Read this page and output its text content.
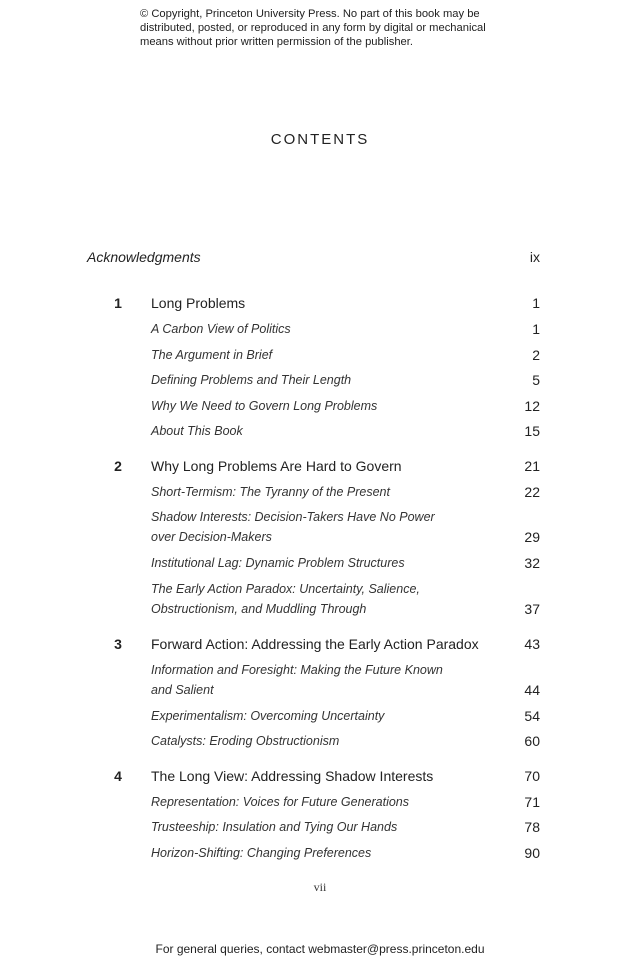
© Copyright, Princeton University Press. No part of this book may be
distributed, posted, or reproduced in any form by digital or mechanical
means without prior written permission of the publisher.
CONTENTS
Acknowledgments	ix
1 Long Problems	1
A Carbon View of Politics	1
The Argument in Brief	2
Defining Problems and Their Length	5
Why We Need to Govern Long Problems	12
About This Book	15
2 Why Long Problems Are Hard to Govern	21
Short-Termism: The Tyranny of the Present	22
Shadow Interests: Decision-Takers Have No Power
over Decision-Makers	29
Institutional Lag: Dynamic Problem Structures	32
The Early Action Paradox: Uncertainty, Salience,
Obstructionism, and Muddling Through	37
3 Forward Action: Addressing the Early Action Paradox	43
Information and Foresight: Making the Future Known
and Salient	44
Experimentalism: Overcoming Uncertainty	54
Catalysts: Eroding Obstructionism	60
4 The Long View: Addressing Shadow Interests	70
Representation: Voices for Future Generations	71
Trusteeship: Insulation and Tying Our Hands	78
Horizon-Shifting: Changing Preferences	90
vii
For general queries, contact webmaster@press.princeton.edu
